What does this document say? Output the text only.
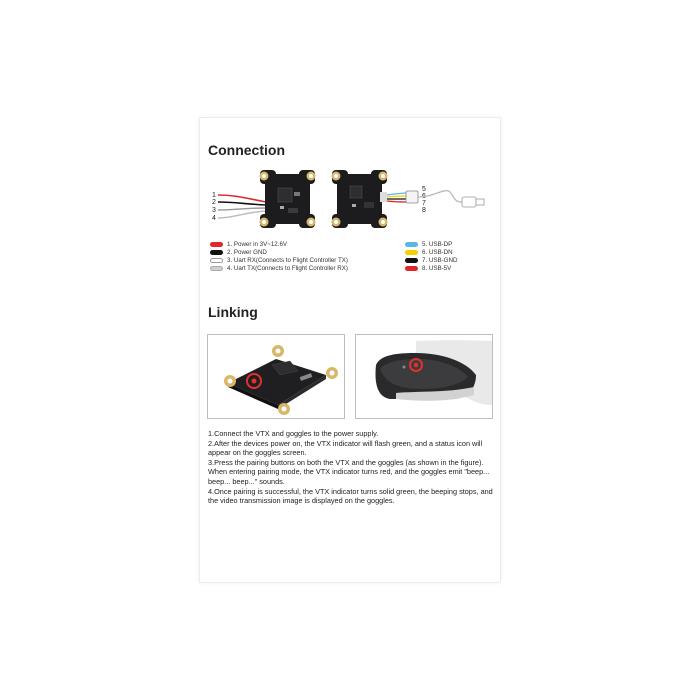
Connection
1
2
3
4
5
6
7
8
1. Power in 3V~12.6V
2. Power GND
3. Uart RX(Connects to Flight Controller TX)
4. Uart TX(Connects to Flight Controller RX)
5. USB-DP
6. USB-DN
7. USB-GND
8. USB-5V
Linking

1.Connect the VTX and goggles to the power supply.

2.After the devices power on, the VTX indicator will flash green, and a status icon will appear on the goggles screen.

3.Press the pairing buttons on both the VTX and the goggles (as shown in the figure). When entering pairing mode, the VTX indicator turns red, and the goggles emit "beep... beep... beep..." sounds.

4.Once pairing is successful, the VTX indicator turns solid green, the beeping stops, and the video transmission image is displayed on the goggles.
